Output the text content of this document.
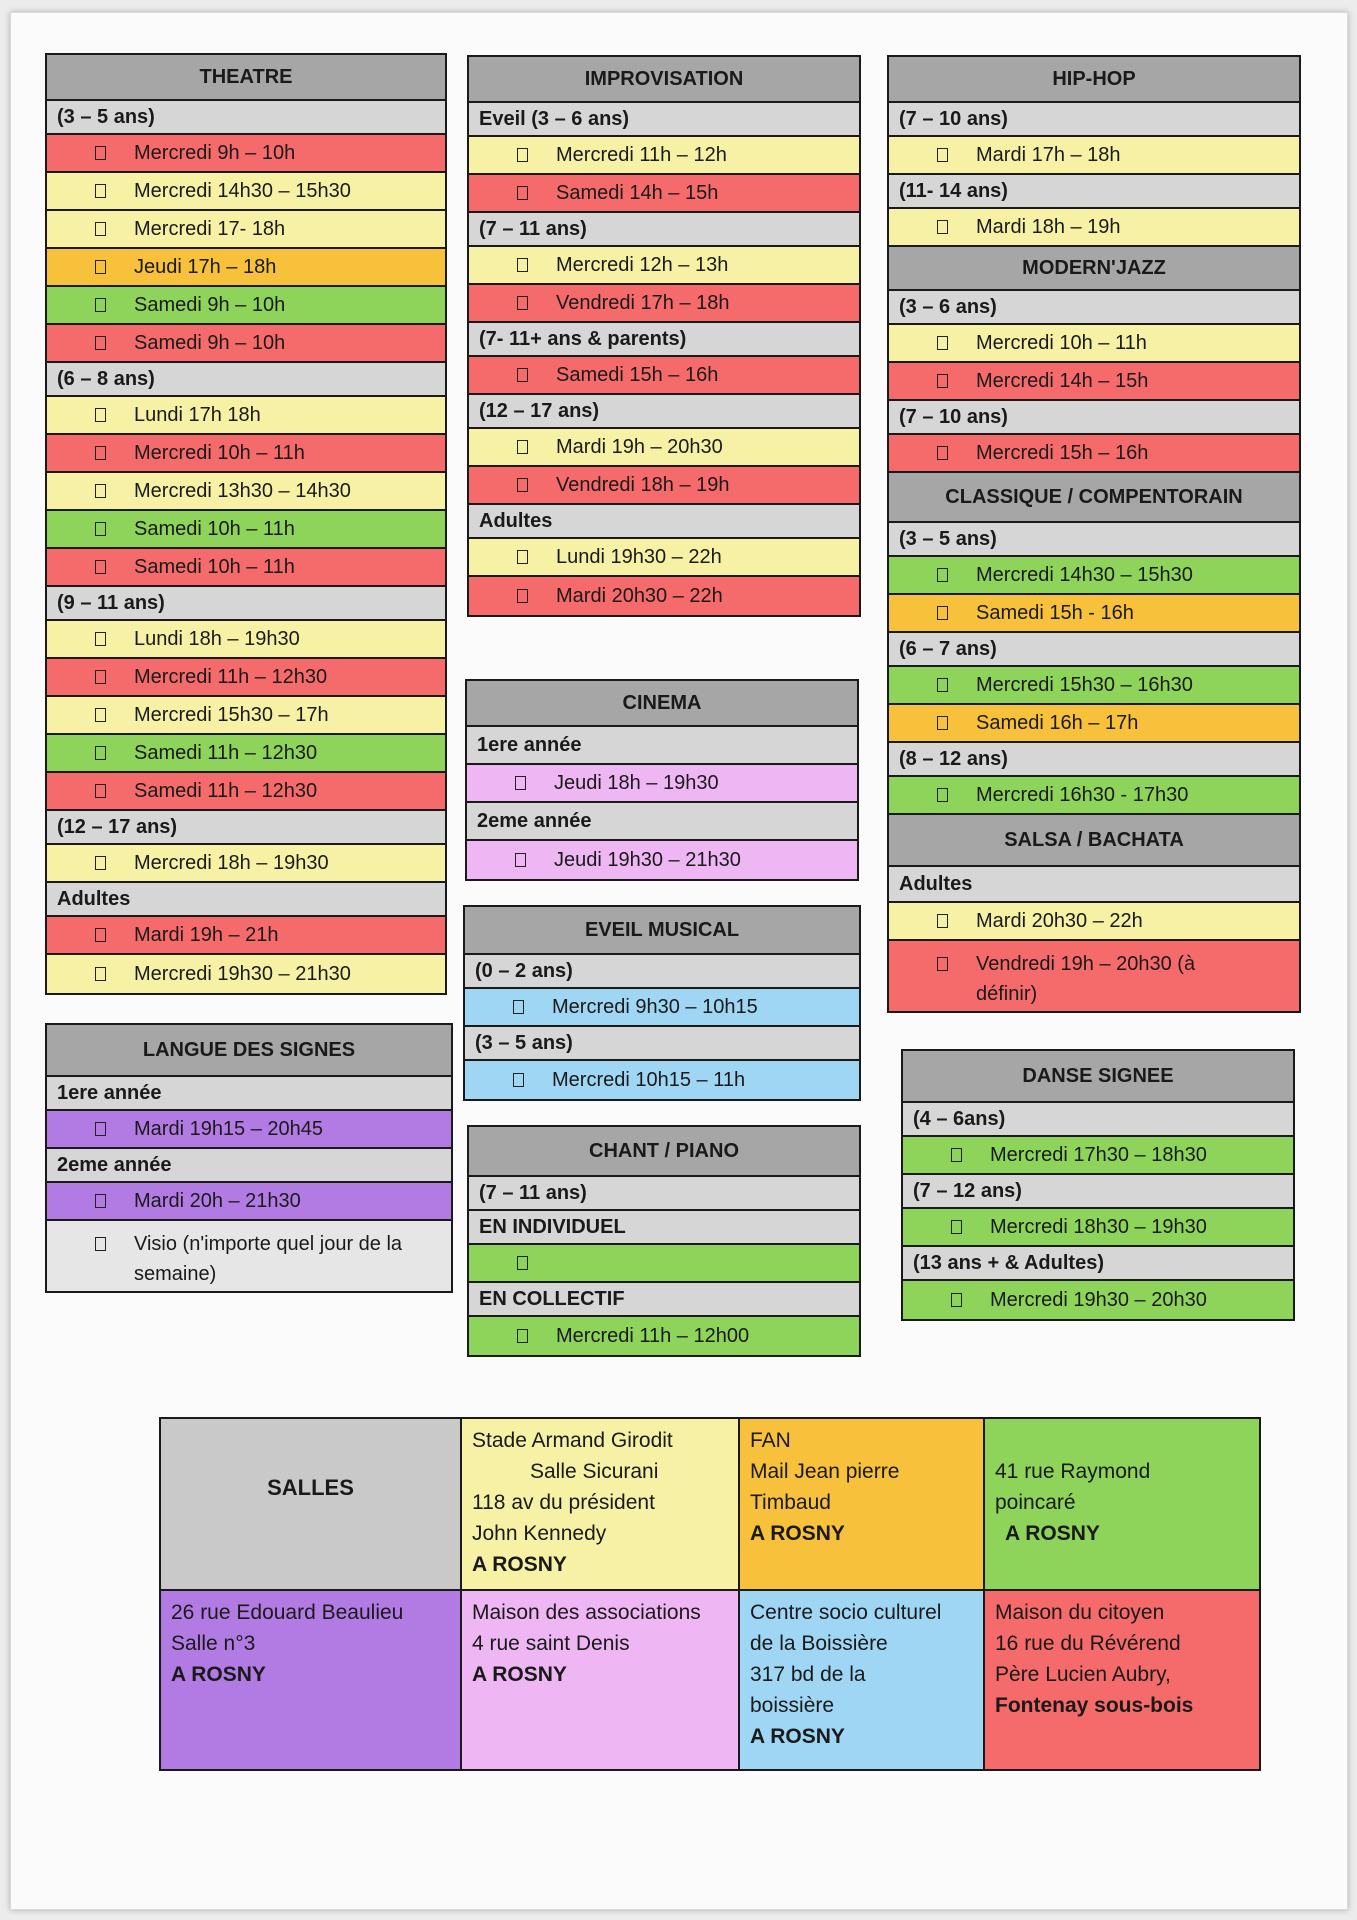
THEATRE
(3 – 5 ans)
Mercredi 9h – 10h
Mercredi 14h30 – 15h30
Mercredi 17- 18h
Jeudi 17h – 18h
Samedi 9h – 10h
Samedi 9h – 10h
(6 – 8 ans)
Lundi 17h 18h
Mercredi 10h – 11h
Mercredi 13h30 – 14h30
Samedi 10h – 11h
Samedi 10h – 11h
(9 – 11 ans)
Lundi 18h – 19h30
Mercredi 11h – 12h30
Mercredi 15h30 – 17h
Samedi 11h – 12h30
Samedi 11h – 12h30
(12 – 17 ans)
Mercredi 18h – 19h30
Adultes
Mardi 19h – 21h
Mercredi 19h30 – 21h30
IMPROVISATION
Eveil (3 – 6 ans)
Mercredi 11h – 12h
Samedi 14h – 15h
(7 – 11 ans)
Mercredi 12h – 13h
Vendredi 17h – 18h
(7- 11+ ans & parents)
Samedi 15h – 16h
(12 – 17 ans)
Mardi 19h – 20h30
Vendredi 18h – 19h
Adultes
Lundi 19h30 – 22h
Mardi 20h30 – 22h
CINEMA
1ere année
Jeudi 18h – 19h30
2eme année
Jeudi 19h30 – 21h30
EVEIL MUSICAL
(0 – 2 ans)
Mercredi 9h30 – 10h15
(3 – 5 ans)
Mercredi 10h15 – 11h
CHANT / PIANO
(7 – 11 ans)
EN INDIVIDUEL
EN COLLECTIF
Mercredi 11h – 12h00
LANGUE DES SIGNES
1ere année
Mardi 19h15 – 20h45
2eme année
Mardi 20h – 21h30
Visio (n'importe quel jour de la semaine)
HIP-HOP
(7 – 10 ans)
Mardi 17h – 18h
(11- 14 ans)
Mardi 18h – 19h
MODERN'JAZZ
(3 – 6 ans)
Mercredi 10h – 11h
Mercredi 14h – 15h
(7 – 10 ans)
Mercredi 15h – 16h
CLASSIQUE / COMPENTORAIN
(3 – 5 ans)
Mercredi 14h30 – 15h30
Samedi 15h - 16h
(6 – 7 ans)
Mercredi 15h30 – 16h30
Samedi 16h – 17h
(8 – 12 ans)
Mercredi 16h30 - 17h30
SALSA / BACHATA
Adultes
Mardi 20h30 – 22h
Vendredi 19h – 20h30 (à définir)
DANSE SIGNEE
(4 – 6ans)
Mercredi 17h30 – 18h30
(7 – 12 ans)
Mercredi 18h30 – 19h30
(13 ans + & Adultes)
Mercredi 19h30 – 20h30
SALLES
Stade Armand Girodit
Salle Sicurani
118 av du président
John Kennedy
A ROSNY
FAN
Mail Jean pierre
Timbaud
A ROSNY
41 rue Raymond
poincaré
A ROSNY
26 rue Edouard Beaulieu
Salle n°3
A ROSNY
Maison des associations
4 rue saint Denis
A ROSNY
Centre socio culturel
de la Boissière
317 bd de la
boissière
A ROSNY
Maison du citoyen
16 rue du Révérend
Père Lucien Aubry,
Fontenay sous-bois
